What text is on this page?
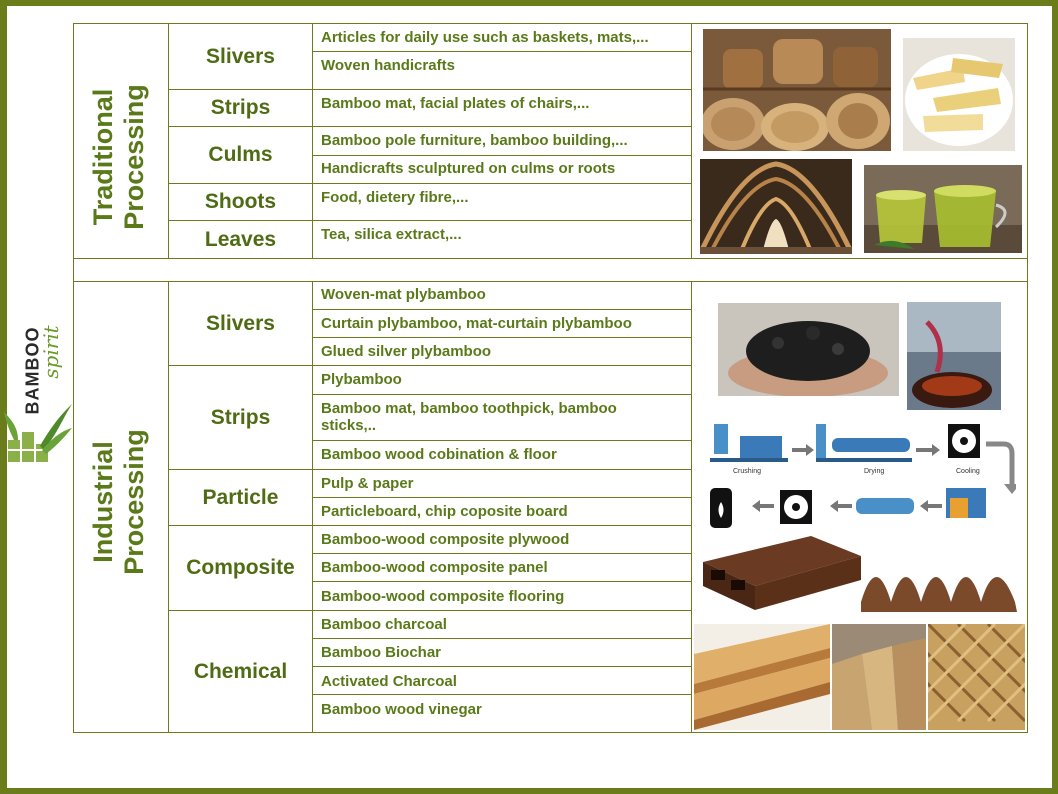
BAMBOO
spirit
Traditional Processing
Industrial Processing
Slivers
Strips
Culms
Shoots
Leaves
Articles for daily use such as baskets, mats,...
Woven handicrafts
Bamboo mat, facial plates of chairs,...
Bamboo pole furniture, bamboo building,...
Handicrafts sculptured on culms or roots
Food, dietery fibre,...
Tea, silica extract,...
Slivers
Strips
Particle
Composite
Chemical
Woven-mat plybamboo
Curtain plybamboo, mat-curtain plybamboo
Glued silver plybamboo
Plybamboo
Bamboo mat, bamboo toothpick, bamboo sticks,..
Bamboo wood cobination & floor
Pulp & paper
Particleboard, chip coposite board
Bamboo-wood composite plywood
Bamboo-wood composite panel
Bamboo-wood composite flooring
Bamboo charcoal
Bamboo Biochar
Activated Charcoal
Bamboo wood vinegar
Crushing	Drying	Cooling
